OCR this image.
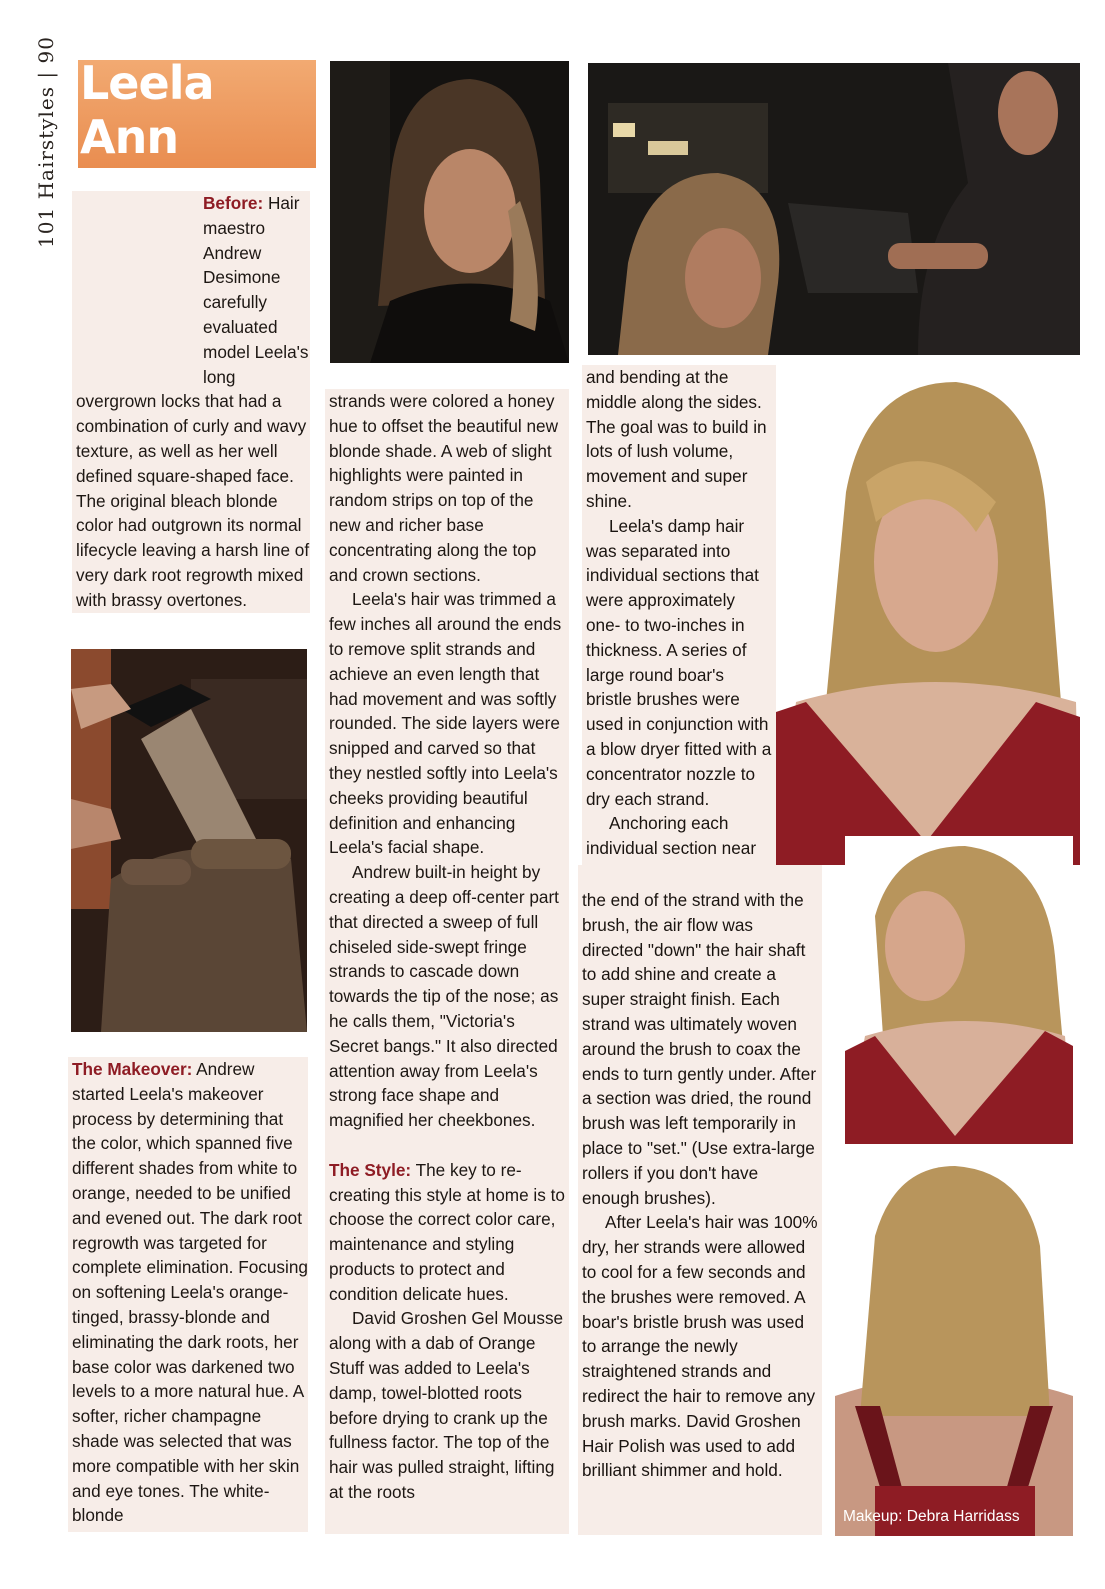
101 Hairstyles | 90 Leela Ann

Before: Hair maestro Andrew Desimone carefully evaluated model Leela's long overgrown locks that had a combination of curly and wavy texture, as well as her well defined square-shaped face. The original bleach blonde color had outgrown its normal lifecycle leaving a harsh line of very dark root regrowth mixed with brassy overtones.

The Makeover: Andrew started Leela's makeover process by determining that the color, which spanned five different shades from white to orange, needed to be unified and evened out. The dark root regrowth was targeted for complete elimination. Focusing on softening Leela's orange-tinged, brassy-blonde and eliminating the dark roots, her base color was darkened two levels to a more natural hue. A softer, richer champagne shade was selected that was more compatible with her skin and eye tones. The white-blonde

strands were colored a honey hue to offset the beautiful new blonde shade. A web of slight highlights were painted in random strips on top of the new and richer base concentrating along the top and crown sections.

Leela's hair was trimmed a few inches all around the ends to remove split strands and achieve an even length that had movement and was softly rounded. The side layers were snipped and carved so that they nestled softly into Leela's cheeks providing beautiful definition and enhancing Leela's facial shape.

Andrew built-in height by creating a deep off-center part that directed a sweep of full chiseled side-swept fringe strands to cascade down towards the tip of the nose; as he calls them, "Victoria's Secret bangs." It also directed attention away from Leela's strong face shape and magnified her cheekbones.

The Style: The key to re-creating this style at home is to choose the correct color care, maintenance and styling products to protect and condition delicate hues.

David Groshen Gel Mousse along with a dab of Orange Stuff was added to Leela's damp, towel-blotted roots before drying to crank up the fullness factor. The top of the hair was pulled straight, lifting at the roots

and bending at the middle along the sides. The goal was to build in lots of lush volume, movement and super shine.

Leela's damp hair was separated into individual sections that were approximately one- to two-inches in thickness. A series of large round boar's bristle brushes were used in conjunction with a blow dryer fitted with a concentrator nozzle to dry each strand.

Anchoring each individual section near

the end of the strand with the brush, the air flow was directed "down" the hair shaft to add shine and create a super straight finish. Each strand was ultimately woven around the brush to coax the ends to turn gently under. After a section was dried, the round brush was left temporarily in place to "set." (Use extra-large rollers if you don't have enough brushes).

After Leela's hair was 100% dry, her strands were allowed to cool for a few seconds and the brushes were removed. A boar's bristle brush was used to arrange the newly straightened strands and redirect the hair to remove any brush marks. David Groshen Hair Polish was used to add brilliant shimmer and hold.

Makeup: Debra Harridass
